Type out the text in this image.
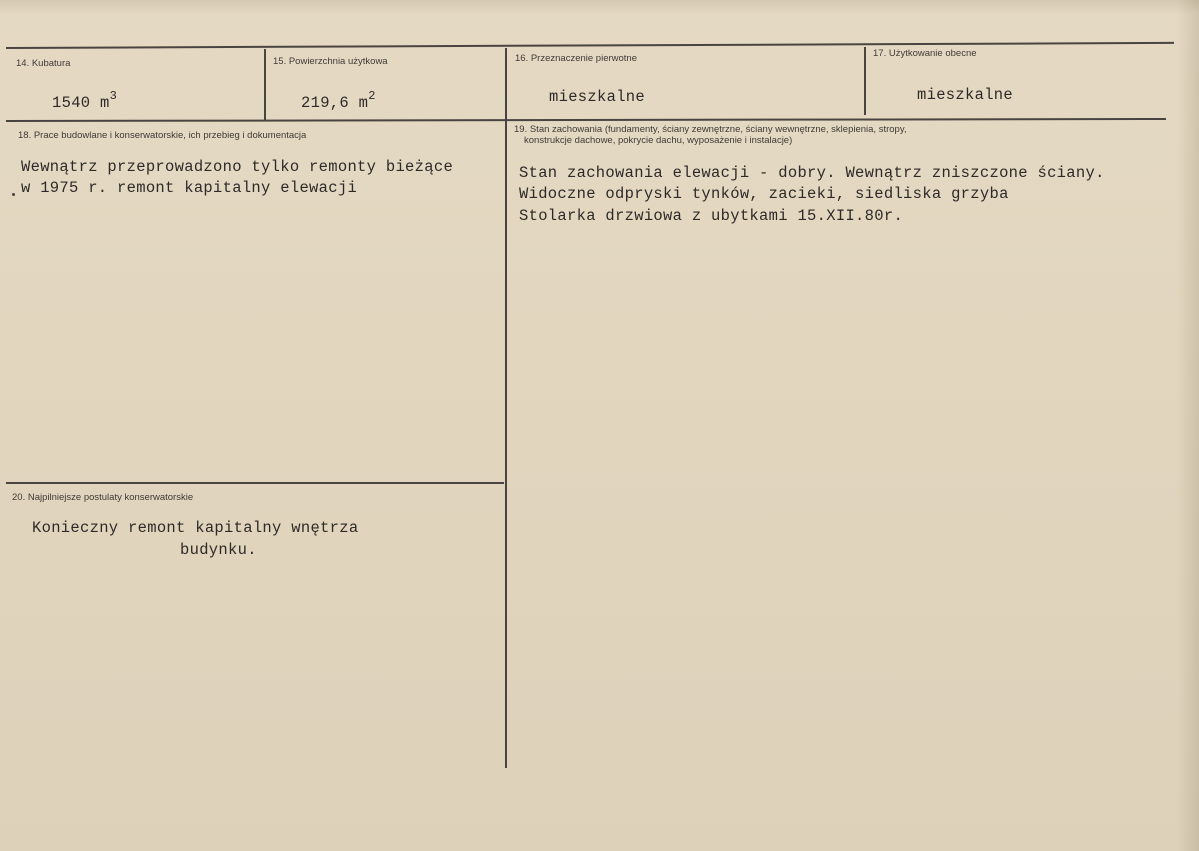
14. Kubatura
1540 $m^3$
15. Powierzchnia użytkowa
219,6 $m^2$
16. Przeznaczenie pierwotne
mieszkalne
17. Użytkowanie obecne
mieszkalne
18. Prace budowlane i konserwatorskie, ich przebieg i dokumentacja
Wewnątrz przeprowadzono tylko remonty bieżące
w 1975 r. remont kapitalny elewacji
19. Stan zachowania (fundamenty, ściany zewnętrzne, ściany wewnętrzne, sklepienia, stropy,
konstrukcje dachowe, pokrycie dachu, wyposażenie i instalacje)
Stan zachowania elewacji - dobry. Wewnątrz zniszczone ściany.
Widoczne odpryski tynków, zacieki, siedliska grzyba
Stolarka drzwiowa z ubytkami 15.XII.80r.
20. Najpilniejsze postulaty konserwatorskie
Konieczny remont kapitalny wnętrza
budynku.
